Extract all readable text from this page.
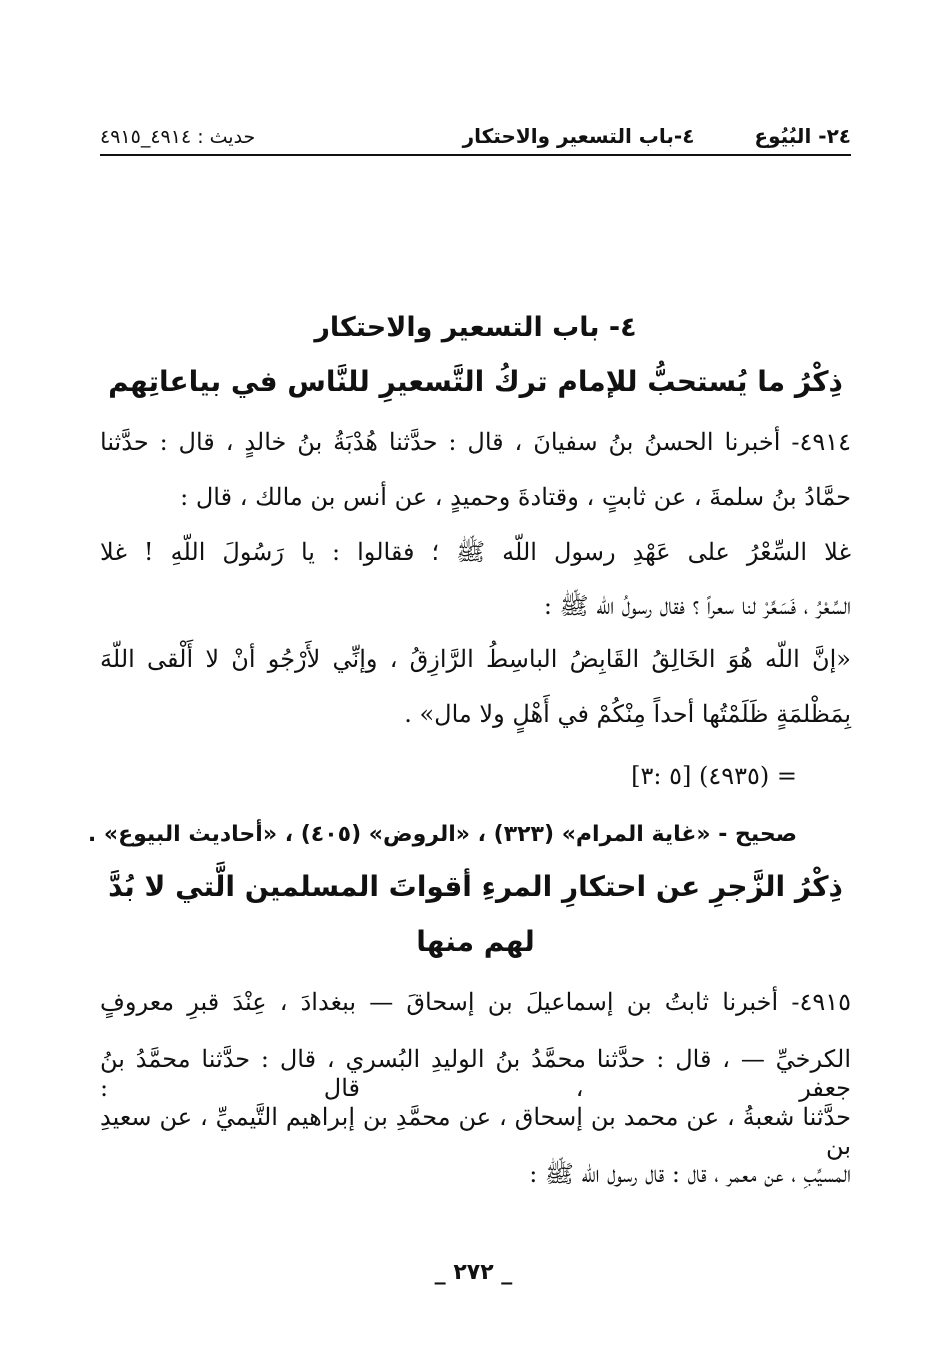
٢٤- البُيُوع
٤-باب التسعير والاحتكار
حديث : ٤٩١٤_٤٩١٥
٤- باب التسعير والاحتكار
ذِكْرُ ما يُستحبُّ للإمام تركُ التَّسعيرِ للنَّاس في بياعاتِهم
٤٩١٤- أخبرنا الحسنُ بنُ سفيانَ ، قال : حدَّثنا هُدْبَةُ بنُ خالدٍ ، قال : حدَّثنا
حمَّادُ بنُ سلمةَ ، عن ثابتٍ ، وقتادةَ وحميدٍ ، عن أنس بن مالك ، قال :
غلا السِّعْرُ على عَهْدِ رسول اللّه ﷺ ؛ فقالوا : يا رَسُولَ اللّهِ ! غلا
السِّعْرُ ، فَسَعِّرْ لنا سعراً ؟ فقال رسولُ اللّه ﷺ :
«إنَّ اللّه هُوَ الخَالِقُ القَابِضُ الباسِطُ الرَّازِقُ ، وإنِّي لأَرْجُو أنْ لا أَلْقى اللّهَ
بِمَظْلمَةٍ ظَلَمْتُها أحداً مِنْكُمْ في أَهْلٍ ولا مال» .
= (٤٩٣٥) [٥ :٣]
صحيح - «غاية المرام» (٣٢٣) ، «الروض» (٤٠٥) ، «أحاديث البيوع» .
ذِكْرُ الزَّجرِ عن احتكارِ المرءِ أقواتَ المسلمين الَّتي لا بُدَّ
لهم منها
٤٩١٥- أخبرنا ثابتُ بن إسماعيلَ بن إسحاقَ — ببغدادَ ، عِنْدَ قبرِ معروفٍ
الكرخيِّ — ، قال : حدَّثنا محمَّدُ بنُ الوليدِ البُسري ، قال : حدَّثنا محمَّدُ بنُ جعفر ، قال :
حدَّثنا شعبةُ ، عن محمد بن إسحاق ، عن محمَّدِ بن إبراهيم التَّيميِّ ، عن سعيدِ بن
المسيِّبِ ، عن معمر ، قال : قال رسول اللّه ﷺ :
_ ٢٧٢ _
